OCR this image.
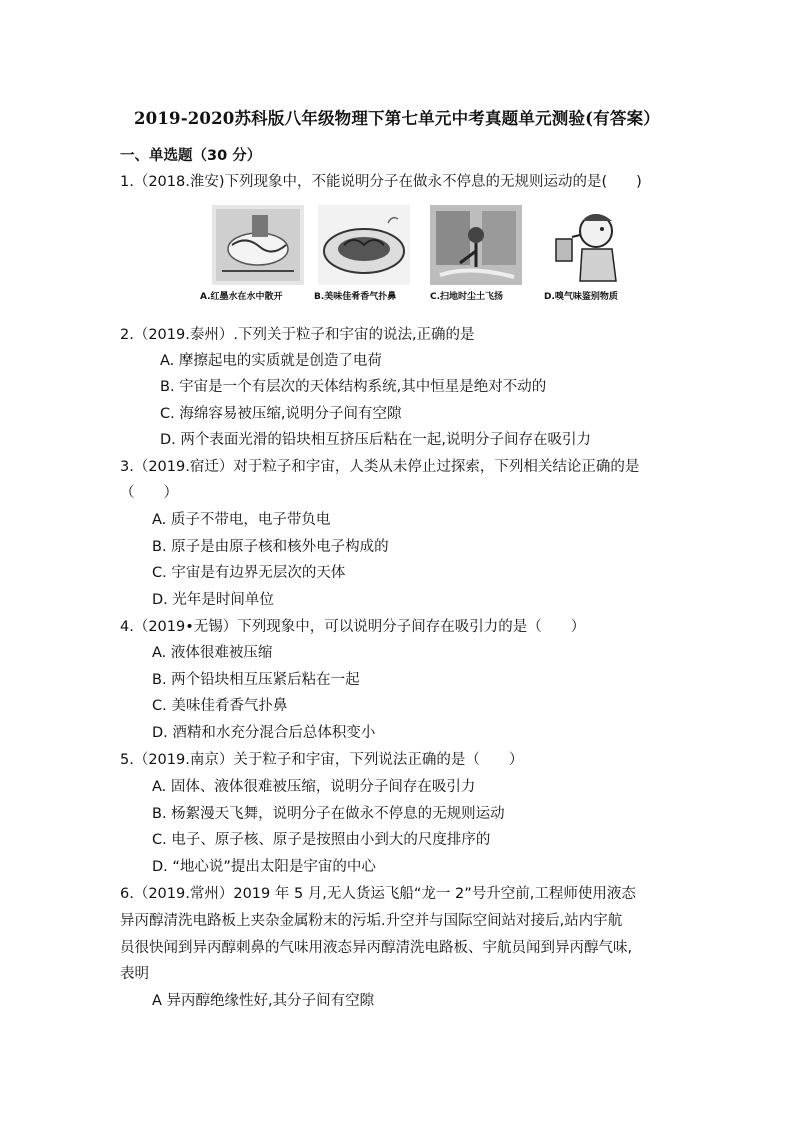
2019-2020苏科版八年级物理下第七单元中考真题单元测验(有答案）
一、单选题（30 分）
1.（2018.淮安)下列现象中，不能说明分子在做永不停息的无规则运动的是(　　)
A.红墨水在水中散开	B.美味佳肴香气扑鼻	C.扫地时尘土飞扬	D.嗅气味鉴别物质
2.（2019.泰州）.下列关于粒子和宇宙的说法,正确的是
A. 摩擦起电的实质就是创造了电荷
B. 宇宙是一个有层次的天体结构系统,其中恒星是绝对不动的
C. 海绵容易被压缩,说明分子间有空隙
D. 两个表面光滑的铅块相互挤压后粘在一起,说明分子间存在吸引力
3.（2019.宿迁）对于粒子和宇宙，人类从未停止过探索，下列相关结论正确的是
（　　）
A. 质子不带电，电子带负电
B. 原子是由原子核和核外电子构成的
C. 宇宙是有边界无层次的天体
D. 光年是时间单位
4.（2019•无锡）下列现象中，可以说明分子间存在吸引力的是（　　）
A. 液体很难被压缩
B. 两个铅块相互压紧后粘在一起
C. 美味佳肴香气扑鼻
D. 酒精和水充分混合后总体积变小
5.（2019.南京）关于粒子和宇宙，下列说法正确的是（　　）
A. 固体、液体很难被压缩，说明分子间存在吸引力
B. 杨絮漫天飞舞，说明分子在做永不停息的无规则运动
C. 电子、原子核、原子是按照由小到大的尺度排序的
D. “地心说”提出太阳是宇宙的中心
6.（2019.常州）2019 年 5 月,无人货运飞船“龙一 2”号升空前,工程师使用液态
异丙醇清洗电路板上夹杂金属粉末的污垢.升空并与国际空间站对接后,站内宇航
员很快闻到异丙醇刺鼻的气味用液态异丙醇清洗电路板、宇航员闻到异丙醇气味,
表明
A 异丙醇绝缘性好,其分子间有空隙
